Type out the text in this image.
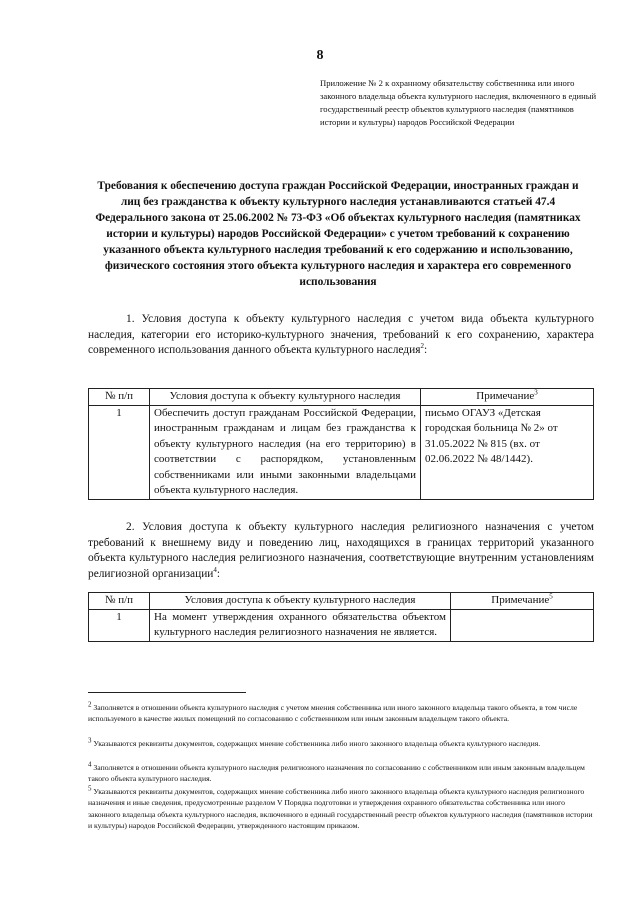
8
Приложение № 2 к охранному обязательству собственника или иного законного владельца объекта культурного наследия, включенного в единый государственный реестр объектов культурного наследия (памятников истории и культуры) народов Российской Федерации
Требования к обеспечению доступа граждан Российской Федерации, иностранных граждан и лиц без гражданства к объекту культурного наследия устанавливаются статьей 47.4 Федерального закона от 25.06.2002 № 73-ФЗ «Об объектах культурного наследия (памятниках истории и культуры) народов Российской Федерации» с учетом требований к сохранению указанного объекта культурного наследия требований к его содержанию и использованию, физического состояния этого объекта культурного наследия и характера его современного использования

1. Условия доступа к объекту культурного наследия с учетом вида объекта культурного наследия, категории его историко-культурного значения, требований к его сохранению, характера современного использования данного объекта культурного наследия$^2$:

№ п/п	Условия доступа к объекту культурного наследия	Примечание$^3$
1	Обеспечить доступ гражданам Российской Федерации, иностранным гражданам и лицам без гражданства к объекту культурного наследия (на его территорию) в соответствии с распорядком, установленным собственниками или иными законными владельцами объекта культурного наследия.	письмо ОГАУЗ «Детская городская больница № 2» от 31.05.2022 № 815 (вх. от 02.06.2022 № 48/1442).

2. Условия доступа к объекту культурного наследия религиозного назначения с учетом требований к внешнему виду и поведению лиц, находящихся в границах территорий указанного объекта культурного наследия религиозного назначения, соответствующие внутренним установлениям религиозной организации$^4$:

№ п/п	Условия доступа к объекту культурного наследия	Примечание$^5$
1	На момент утверждения охранного обязательства объектом культурного наследия религиозного назначения не является.	
$^2$ Заполняется в отношении объекта культурного наследия с учетом мнения собственника или иного законного владельца такого объекта, в том числе используемого в качестве жилых помещений по согласованию с собственником или иным законным владельцем такого объекта.
$^3$ Указываются реквизиты документов, содержащих мнение собственника либо иного законного владельца объекта культурного наследия.
$^4$ Заполняется в отношении объекта культурного наследия религиозного назначения по согласованию с собственником или иным законным владельцем такого объекта культурного наследия.
$^5$ Указываются реквизиты документов, содержащих мнение собственника либо иного законного владельца объекта культурного наследия религиозного назначения и иные сведения, предусмотренные разделом V Порядка подготовки и утверждения охранного обязательства собственника или иного законного владельца объекта культурного наследия, включенного в единый государственный реестр объектов культурного наследия (памятников истории и культуры) народов Российской Федерации, утвержденного настоящим приказом.
